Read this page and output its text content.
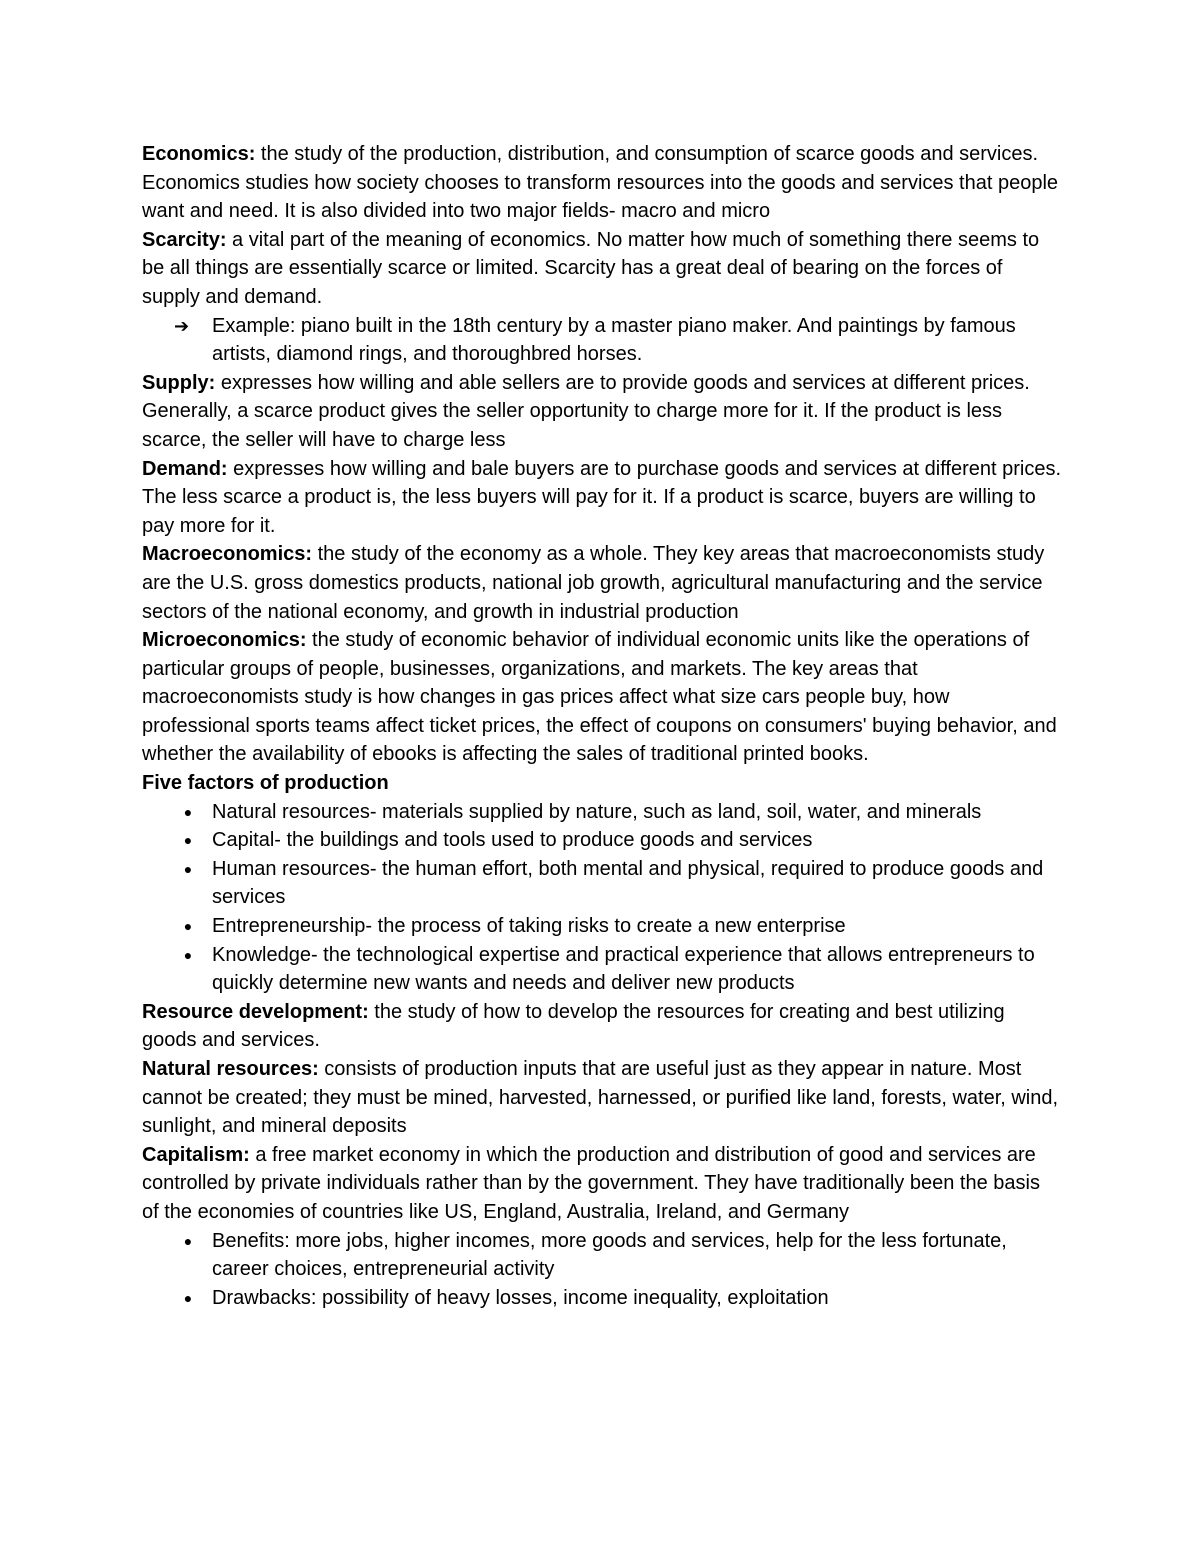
Economics: the study of the production, distribution, and consumption of scarce goods and services. Economics studies how society chooses to transform resources into the goods and services that people want and need. It is also divided into two major fields- macro and micro

Scarcity: a vital part of the meaning of economics. No matter how much of something there seems to be all things are essentially scarce or limited. Scarcity has a great deal of bearing on the forces of supply and demand.

➔ Example: piano built in the 18th century by a master piano maker. And paintings by famous artists, diamond rings, and thoroughbred horses.

Supply: expresses how willing and able sellers are to provide goods and services at different prices. Generally, a scarce product gives the seller opportunity to charge more for it. If the product is less scarce, the seller will have to charge less

Demand: expresses how willing and bale buyers are to purchase goods and services at different prices. The less scarce a product is, the less buyers will pay for it. If a product is scarce, buyers are willing to pay more for it.

Macroeconomics: the study of the economy as a whole. They key areas that macroeconomists study are the U.S. gross domestics products, national job growth, agricultural manufacturing and the service sectors of the national economy, and growth in industrial production

Microeconomics: the study of economic behavior of individual economic units like the operations of particular groups of people, businesses, organizations, and markets. The key areas that macroeconomists study is how changes in gas prices affect what size cars people buy, how professional sports teams affect ticket prices, the effect of coupons on consumers' buying behavior, and whether the availability of ebooks is affecting the sales of traditional printed books.

Five factors of production

● Natural resources- materials supplied by nature, such as land, soil, water, and minerals
● Capital- the buildings and tools used to produce goods and services
● Human resources- the human effort, both mental and physical, required to produce goods and services
● Entrepreneurship- the process of taking risks to create a new enterprise
● Knowledge- the technological expertise and practical experience that allows entrepreneurs to quickly determine new wants and needs and deliver new products

Resource development: the study of how to develop the resources for creating and best utilizing goods and services.

Natural resources: consists of production inputs that are useful just as they appear in nature. Most cannot be created; they must be mined, harvested, harnessed, or purified like land, forests, water, wind, sunlight, and mineral deposits

Capitalism: a free market economy in which the production and distribution of good and services are controlled by private individuals rather than by the government. They have traditionally been the basis of the economies of countries like US, England, Australia, Ireland, and Germany

● Benefits: more jobs, higher incomes, more goods and services, help for the less fortunate, career choices, entrepreneurial activity
● Drawbacks: possibility of heavy losses, income inequality, exploitation
